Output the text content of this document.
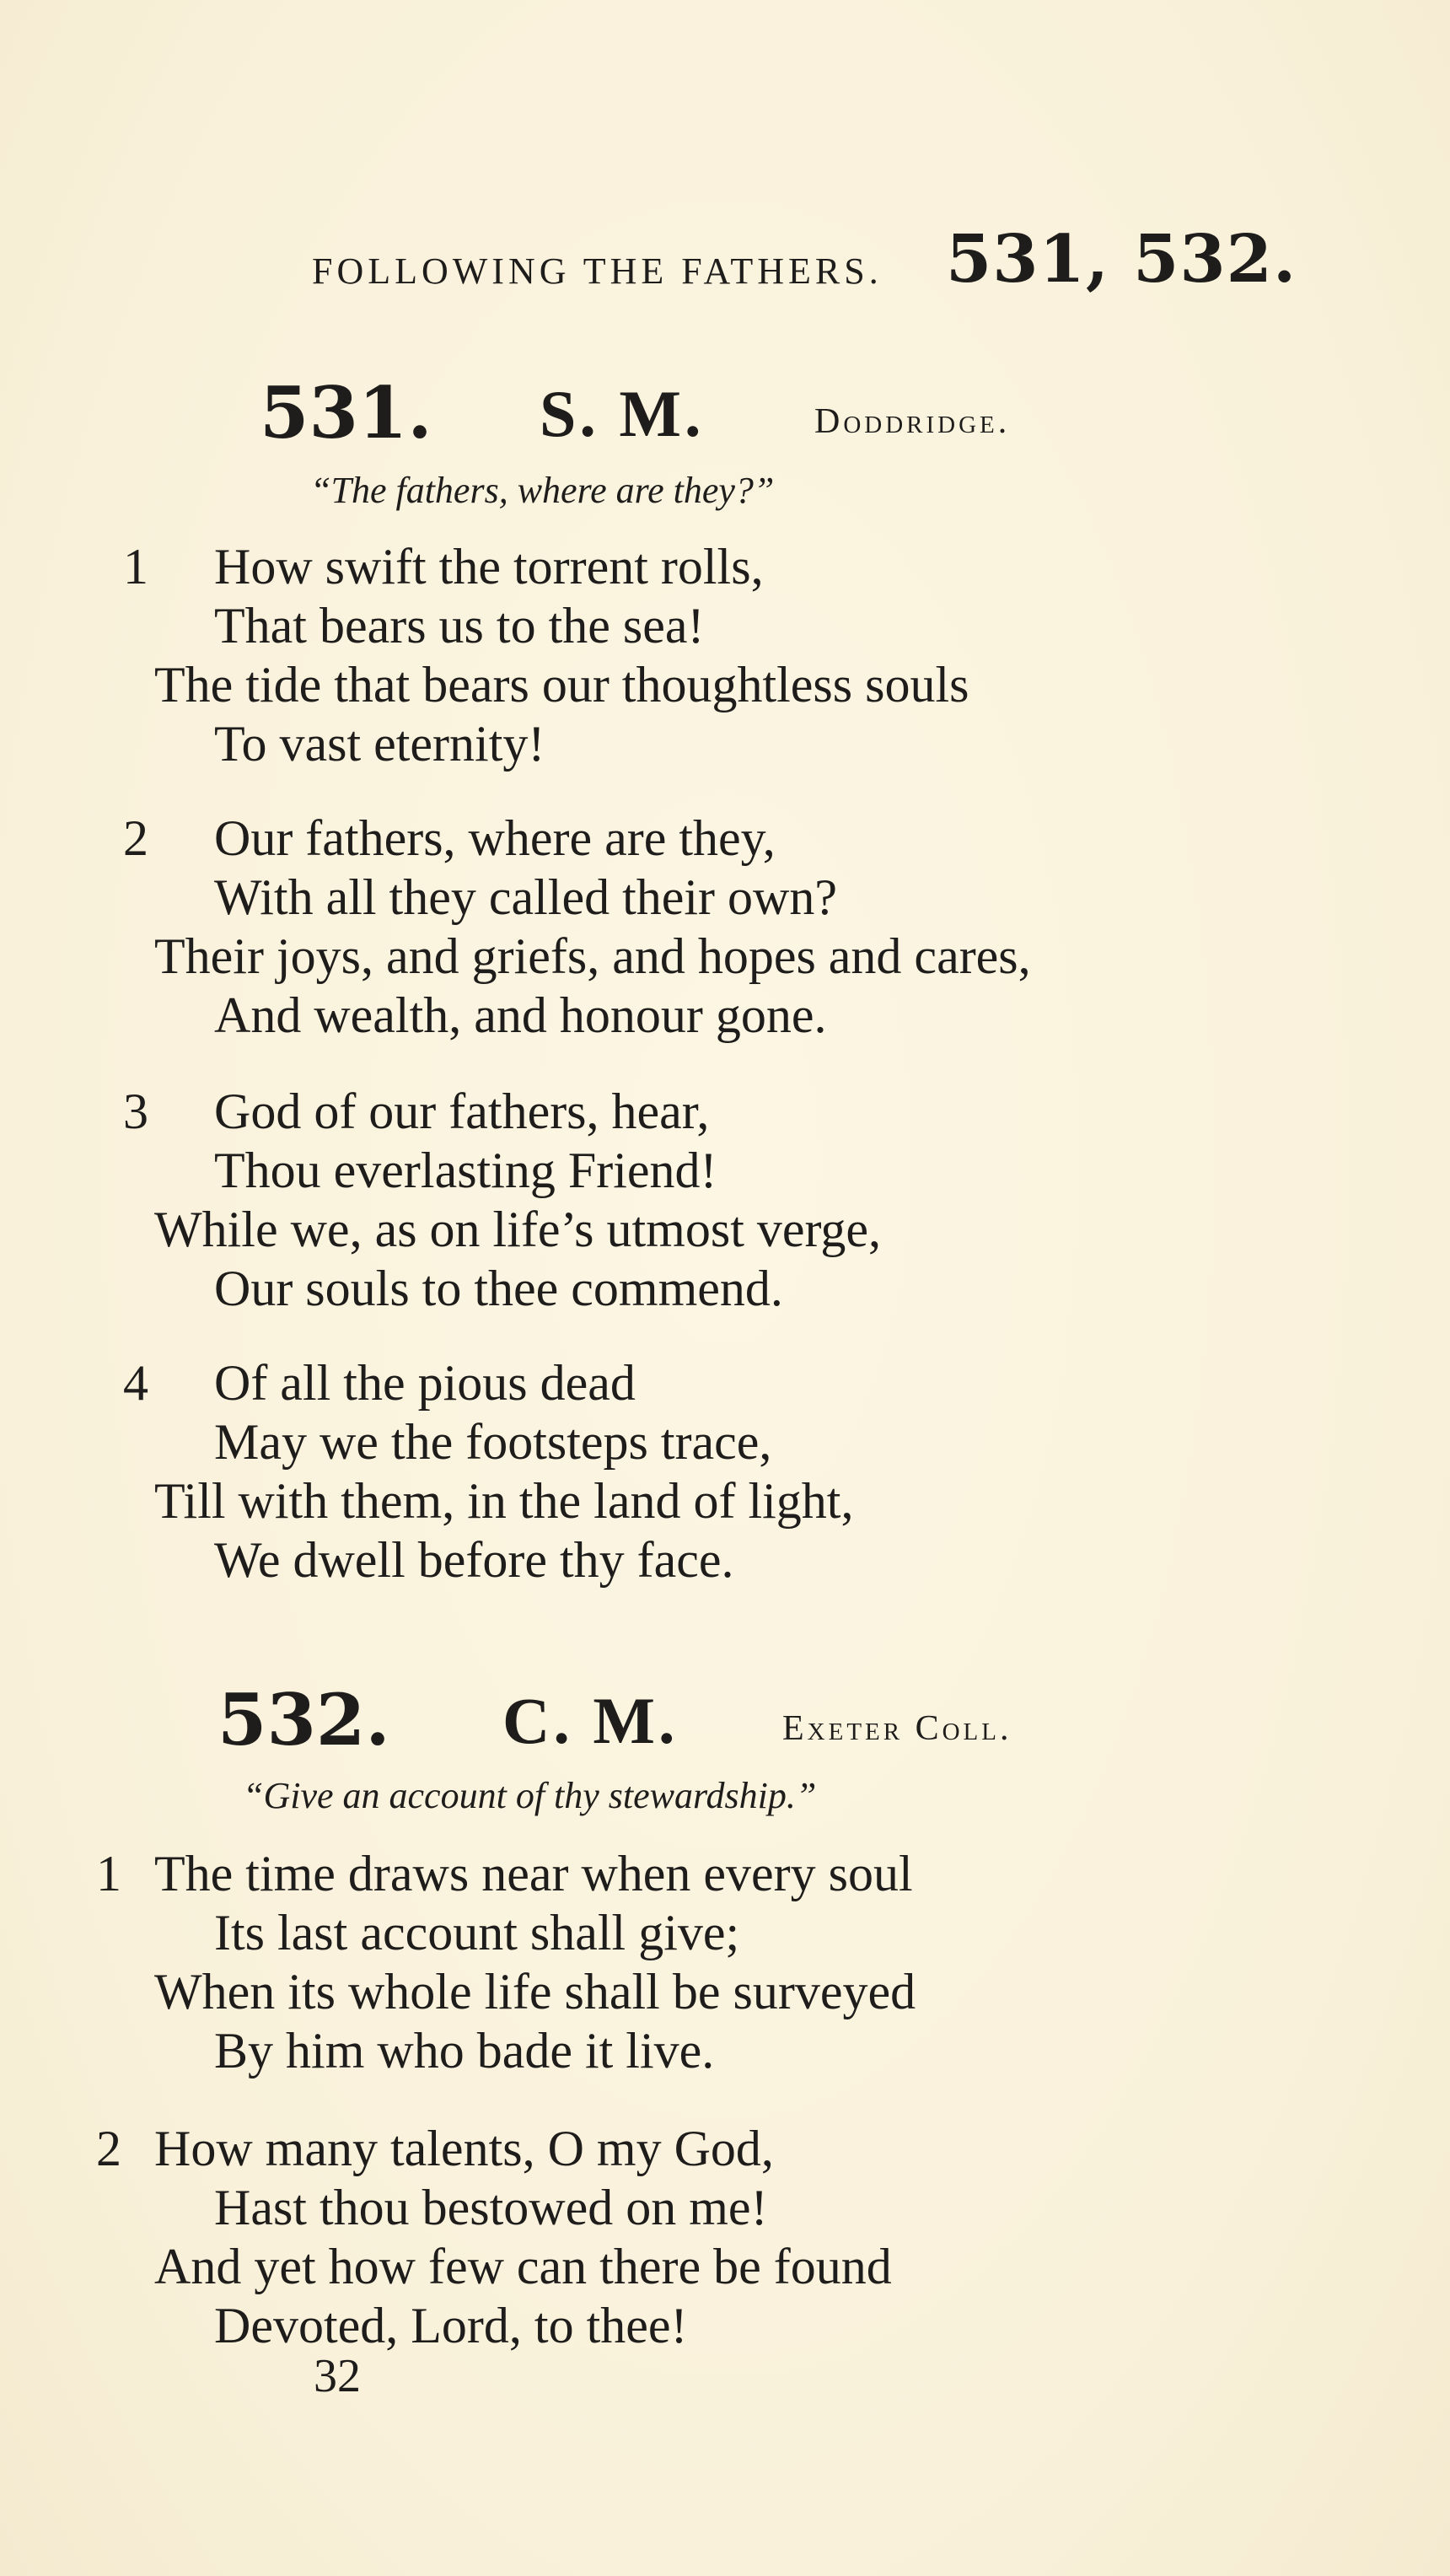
FOLLOWING THE FATHERS. 531, 532.
531. S. M.	Doddridge.
“The fathers, where are they?”
1 How swift the torrent rolls,
That bears us to the sea!
The tide that bears our thoughtless souls
To vast eternity!
2 Our fathers, where are they,
With all they called their own?
Their joys, and griefs, and hopes and cares,
And wealth, and honour gone.
3 God of our fathers, hear,
Thou everlasting Friend!
While we, as on life’s utmost verge,
Our souls to thee commend.
4 Of all the pious dead
May we the footsteps trace,
Till with them, in the land of light,
We dwell before thy face.
532. C. M.	Exeter Coll.
“Give an account of thy stewardship.”
1 The time draws near when every soul
Its last account shall give;
When its whole life shall be surveyed
By him who bade it live.
2 How many talents, O my God,
Hast thou bestowed on me!
And yet how few can there be found
Devoted, Lord, to thee!
32
